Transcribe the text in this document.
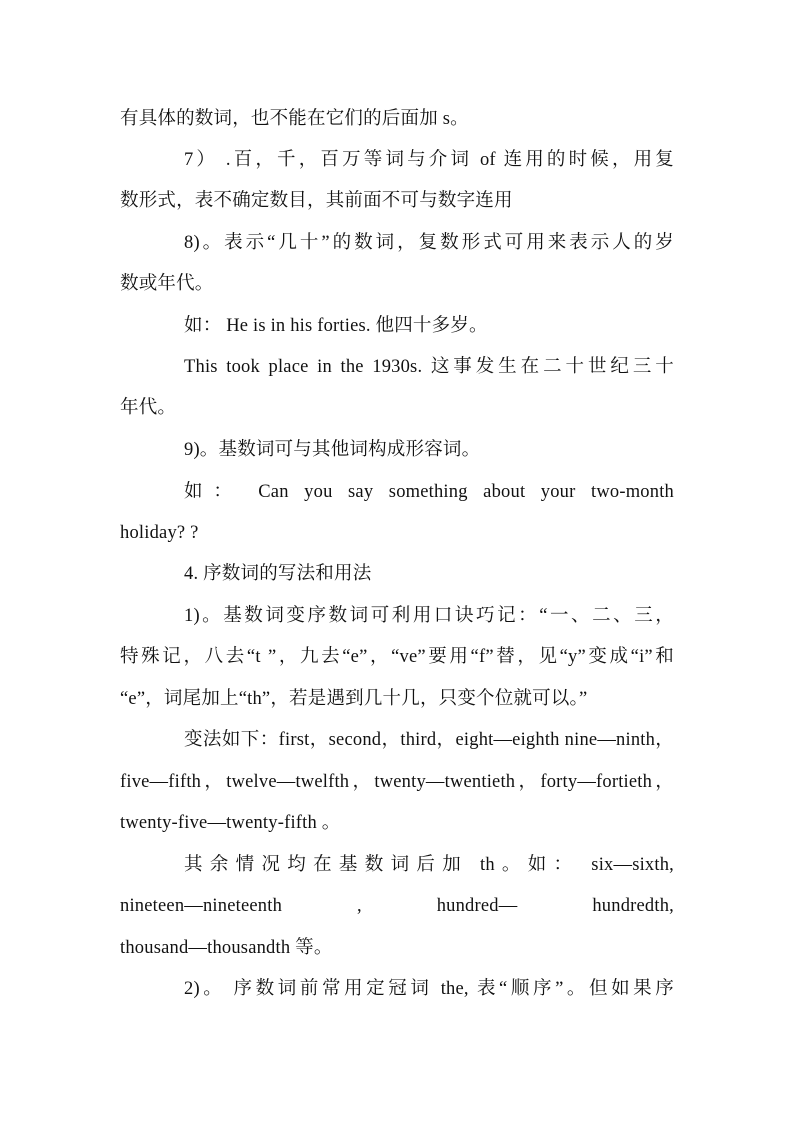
有具体的数词，也不能在它们的后面加 s。
7） .百，千，百万等词与介词 of 连用的时候，用复
数形式，表不确定数目，其前面不可与数字连用
8)。表示“几十”的数词，复数形式可用来表示人的岁
数或年代。
如： He is in his forties. 他四十多岁。
This took place in the 1930s. 这事发生在二十世纪三十
年代。
9)。基数词可与其他词构成形容词。
如： Can you say something about your two-month
holiday? ?
4. 序数词的写法和用法
1)。基数词变序数词可利用口诀巧记：“一、二、三，
特殊记，八去“t ”，九去“e”，“ve”要用“f”替，见“y”变成“i”和
“e”，词尾加上“th”，若是遇到几十几，只变个位就可以。”
变法如下：first，second，third，eight—eighth nine—ninth，
five—fifth，twelve—twelfth，twenty—twentieth，forty—fortieth，
twenty-five—twenty-fifth 。
其余情况均在基数词后加 th。如： six—sixth,
nineteen—nineteenth , hundred— hundredth,
thousand—thousandth 等。
2)。 序数词前常用定冠词 the, 表“顺序”。但如果序
